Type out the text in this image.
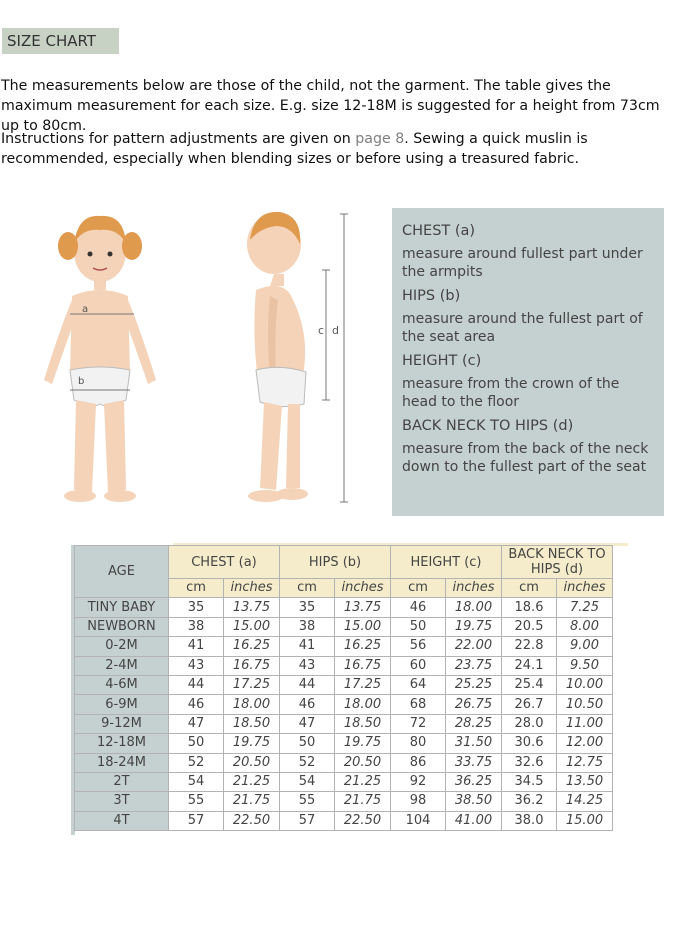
SIZE CHART

The measurements below are those of the child, not the garment. The table gives the maximum measurement for each size. E.g. size 12-18M is suggested for a height from 73cm up to 80cm.

Instructions for pattern adjustments are given on page 8. Sewing a quick muslin is recommended, especially when blending sizes or before using a treasured fabric.

a
b
c d

CHEST (a)

measure around fullest part under the armpits

HIPS (b)

measure around the fullest part of the seat area

HEIGHT (c)

measure from the crown of the head to the floor

BACK NECK TO HIPS (d)

measure from the back of the neck down to the fullest part of the seat

AGE	CHEST (a)		HIPS (b)		HEIGHT (c)		BACK NECK TO HIPS (d)	
	cm	inches	cm	inches	cm	inches	cm	inches
TINY BABY	35	13.75	35	13.75	46	18.00	18.6	7.25
NEWBORN	38	15.00	38	15.00	50	19.75	20.5	8.00
0-2M	41	16.25	41	16.25	56	22.00	22.8	9.00
2-4M	43	16.75	43	16.75	60	23.75	24.1	9.50
4-6M	44	17.25	44	17.25	64	25.25	25.4	10.00
6-9M	46	18.00	46	18.00	68	26.75	26.7	10.50
9-12M	47	18.50	47	18.50	72	28.25	28.0	11.00
12-18M	50	19.75	50	19.75	80	31.50	30.6	12.00
18-24M	52	20.50	52	20.50	86	33.75	32.6	12.75
2T	54	21.25	54	21.25	92	36.25	34.5	13.50
3T	55	21.75	55	21.75	98	38.50	36.2	14.25
4T	57	22.50	57	22.50	104	41.00	38.0	15.00
